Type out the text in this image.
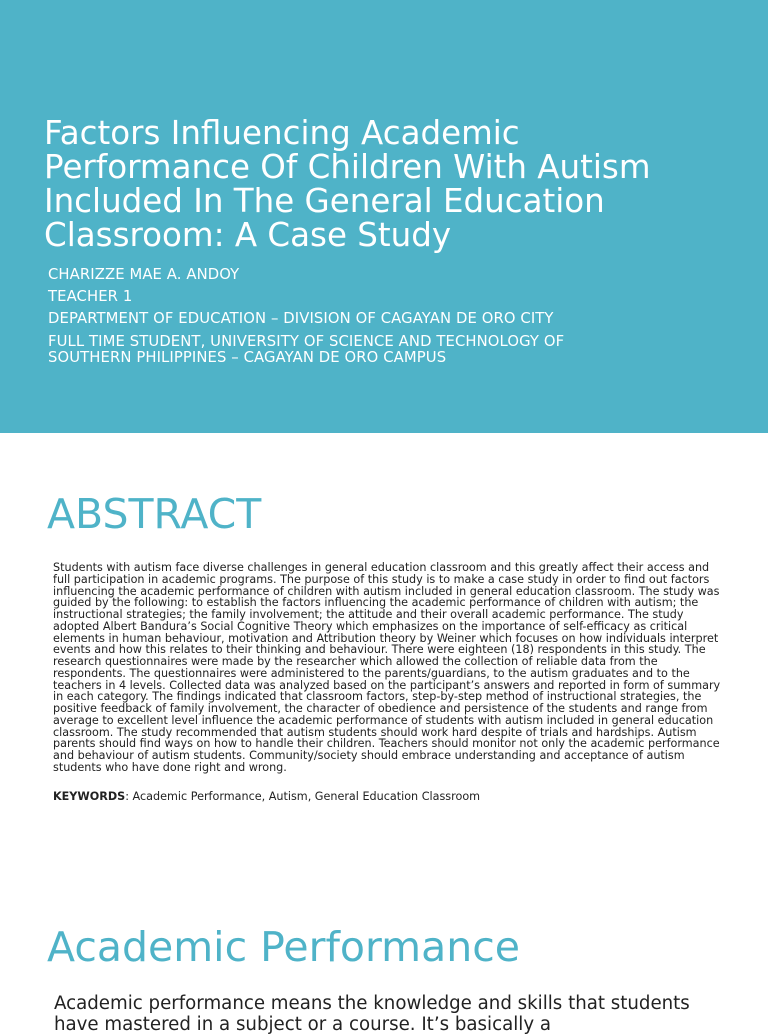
Factors Influencing Academic
Performance Of Children With Autism
Included In The General Education
Classroom: A Case Study

CHARIZZE MAE A. ANDOY

TEACHER 1

DEPARTMENT OF EDUCATION – DIVISION OF CAGAYAN DE ORO CITY

FULL TIME STUDENT, UNIVERSITY OF SCIENCE AND TECHNOLOGY OF
SOUTHERN PHILIPPINES – CAGAYAN DE ORO CAMPUS

ABSTRACT

Students with autism face diverse challenges in general education classroom and this greatly affect their access and full participation in academic programs. The purpose of this study is to make a case study in order to find out factors influencing the academic performance of children with autism included in general education classroom. The study was guided by the following: to establish the factors influencing the academic performance of children with autism; the instructional strategies; the family involvement; the attitude and their overall academic performance. The study adopted Albert Bandura’s Social Cognitive Theory which emphasizes on the importance of self-efficacy as critical elements in human behaviour, motivation and Attribution theory by Weiner which focuses on how individuals interpret events and how this relates to their thinking and behaviour. There were eighteen (18) respondents in this study. The research questionnaires were made by the researcher which allowed the collection of reliable data from the respondents. The questionnaires were administered to the parents/guardians, to the autism graduates and to the teachers in 4 levels. Collected data was analyzed based on the participant’s answers and reported in form of summary in each category. The findings indicated that classroom factors, step-by-step method of instructional strategies, the positive feedback of family involvement, the character of obedience and persistence of the students and range from average to excellent level influence the academic performance of students with autism included in general education classroom. The study recommended that autism students should work hard despite of trials and hardships. Autism parents should find ways on how to handle their children. Teachers should monitor not only the academic performance and behaviour of autism students. Community/society should embrace understanding and acceptance of autism students who have done right and wrong.

KEYWORDS: Academic Performance, Autism, General Education Classroom

Academic Performance

Academic performance means the knowledge and skills that students have mastered in a subject or a course. It’s basically a
